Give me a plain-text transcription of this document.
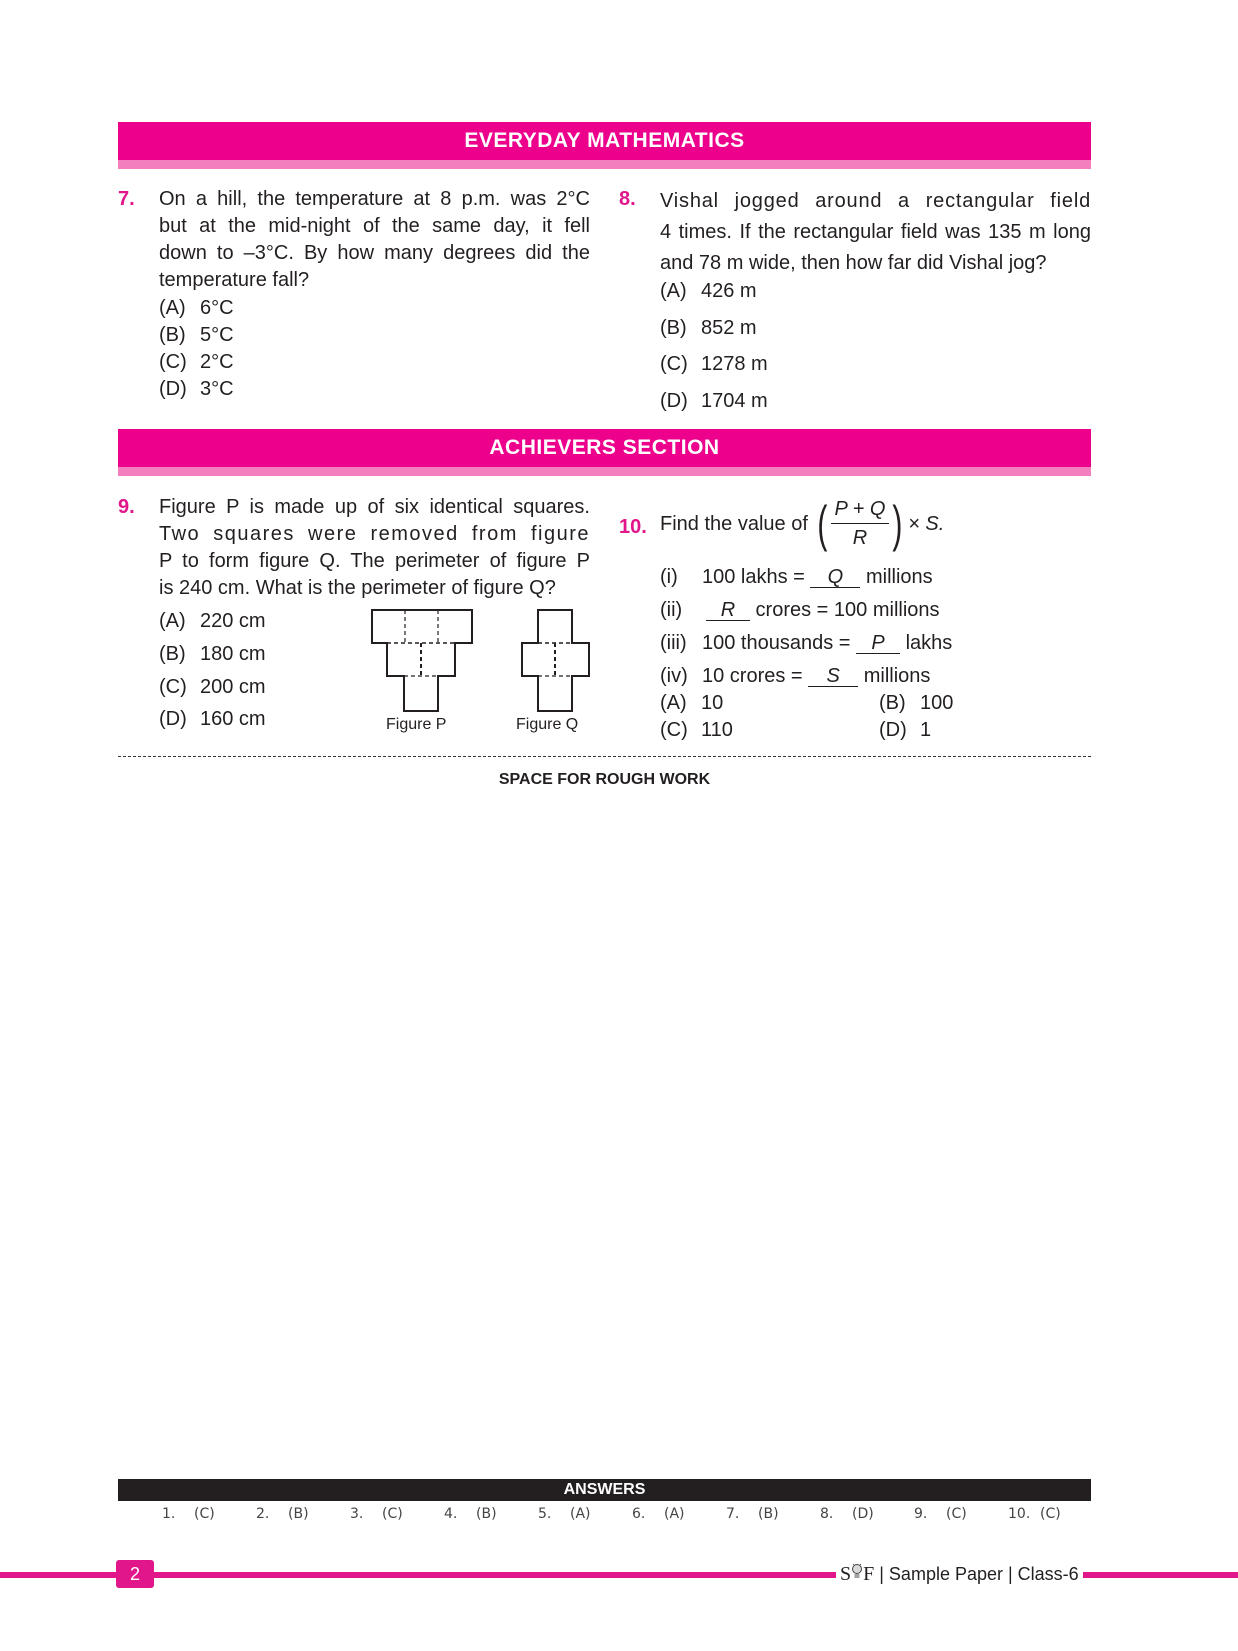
EVERYDAY MATHEMATICS
7. On a hill, the temperature at 8 p.m. was 2°C
but at the mid-night of the same day, it fell
down to –3°C. By how many degrees did the
temperature fall?
(A) 6°C
(B) 5°C
(C) 2°C
(D) 3°C
8. Vishal jogged around a rectangular field
4 times. If the rectangular field was 135 m long
and 78 m wide, then how far did Vishal jog?
(A) 426 m
(B) 852 m
(C) 1278 m
(D) 1704 m
ACHIEVERS SECTION
9. Figure P is made up of six identical squares.
Two squares were removed from figure
P to form figure Q. The perimeter of figure P
is 240 cm. What is the perimeter of figure Q?
(A) 220 cm
(B) 180 cm
(C) 200 cm
(D) 160 cm	Figure P	Figure Q
10. Find the value of ( $\frac{P + Q}{R}$ ) × S.
(i) 100 lakhs = Q millions
(ii) R crores = 100 millions
(iii) 100 thousands = P lakhs
(iv) 10 crores = S millions
(A) 10	(B) 100
(C) 110	(D) 1
SPACE FOR ROUGH WORK
ANSWERS
1. (C)	2. (B)	3. (C)	4. (B)	5. (A)	6. (A)	7. (B)	8. (D)	9. (C)	10. (C)
2	S F | Sample Paper | Class-6
